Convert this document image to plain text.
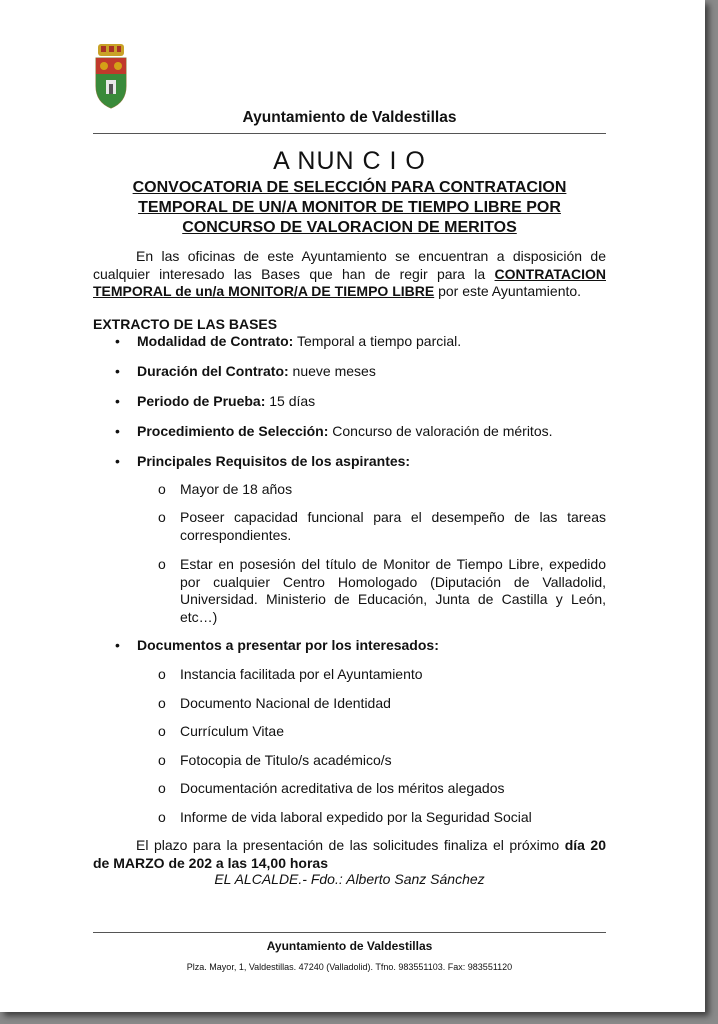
Ayuntamiento de Valdestillas
A NUN C I O
CONVOCATORIA DE SELECCIÓN PARA CONTRATACION
TEMPORAL DE UN/A MONITOR DE TIEMPO LIBRE POR
CONCURSO DE VALORACION DE MERITOS
En las oficinas de este Ayuntamiento se encuentran a disposición de cualquier interesado las Bases que han de regir para la CONTRATACION TEMPORAL de un/a MONITOR/A DE TIEMPO LIBRE por este Ayuntamiento.
EXTRACTO DE LAS BASES
• Modalidad de Contrato: Temporal a tiempo parcial.
• Duración del Contrato: nueve meses
• Periodo de Prueba: 15 días
• Procedimiento de Selección: Concurso de valoración de méritos.
• Principales Requisitos de los aspirantes:
o Mayor de 18 años
o Poseer capacidad funcional para el desempeño de las tareas correspondientes.
o Estar en posesión del título de Monitor de Tiempo Libre, expedido por cualquier Centro Homologado (Diputación de Valladolid, Universidad. Ministerio de Educación, Junta de Castilla y León, etc…)
• Documentos a presentar por los interesados:
o Instancia facilitada por el Ayuntamiento
o Documento Nacional de Identidad
o Currículum Vitae
o Fotocopia de Titulo/s académico/s
o Documentación acreditativa de los méritos alegados
o Informe de vida laboral expedido por la Seguridad Social
El plazo para la presentación de las solicitudes finaliza el próximo día 20 de MARZO de 202 a las 14,00 horas
EL ALCALDE.- Fdo.: Alberto Sanz Sánchez
Ayuntamiento de Valdestillas
Plza. Mayor, 1, Valdestillas. 47240 (Valladolid). Tfno. 983551103. Fax: 983551120
